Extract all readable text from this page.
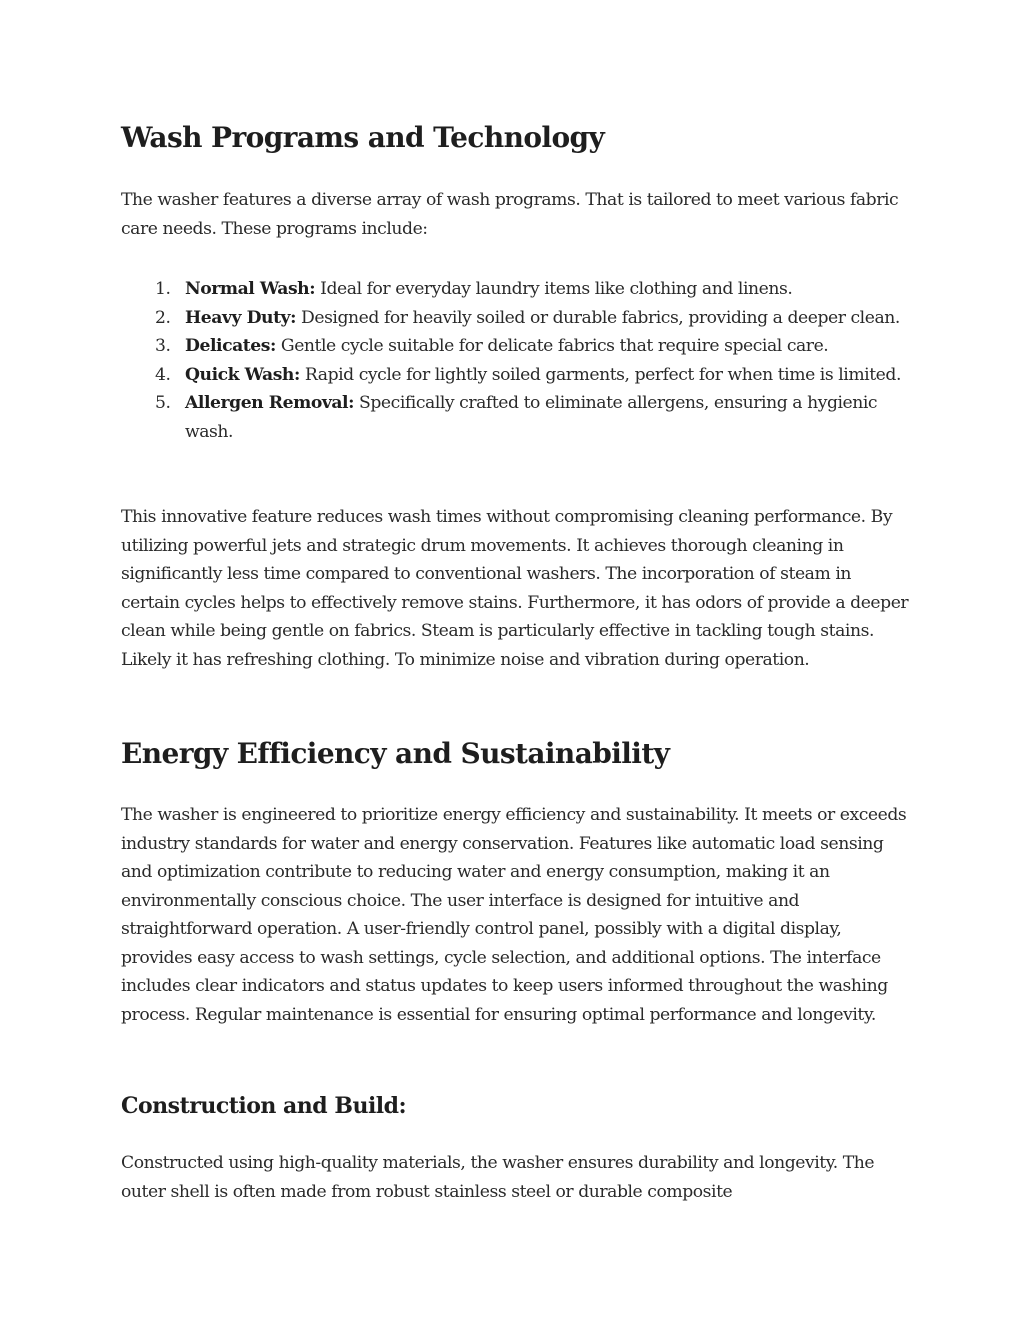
Wash Programs and Technology

The washer features a diverse array of wash programs. That is tailored to meet various fabric care needs. These programs include:

1. Normal Wash: Ideal for everyday laundry items like clothing and linens.
2. Heavy Duty: Designed for heavily soiled or durable fabrics, providing a deeper clean.
3. Delicates: Gentle cycle suitable for delicate fabrics that require special care.
4. Quick Wash: Rapid cycle for lightly soiled garments, perfect for when time is limited.
5. Allergen Removal: Specifically crafted to eliminate allergens, ensuring a hygienic wash.

This innovative feature reduces wash times without compromising cleaning performance. By utilizing powerful jets and strategic drum movements. It achieves thorough cleaning in significantly less time compared to conventional washers. The incorporation of steam in certain cycles helps to effectively remove stains. Furthermore, it has odors of provide a deeper clean while being gentle on fabrics. Steam is particularly effective in tackling tough stains. Likely it has refreshing clothing. To minimize noise and vibration during operation.

Energy Efficiency and Sustainability

The washer is engineered to prioritize energy efficiency and sustainability. It meets or exceeds industry standards for water and energy conservation. Features like automatic load sensing and optimization contribute to reducing water and energy consumption, making it an environmentally conscious choice. The user interface is designed for intuitive and straightforward operation. A user-friendly control panel, possibly with a digital display, provides easy access to wash settings, cycle selection, and additional options. The interface includes clear indicators and status updates to keep users informed throughout the washing process. Regular maintenance is essential for ensuring optimal performance and longevity.

Construction and Build:

Constructed using high-quality materials, the washer ensures durability and longevity. The outer shell is often made from robust stainless steel or durable composite
